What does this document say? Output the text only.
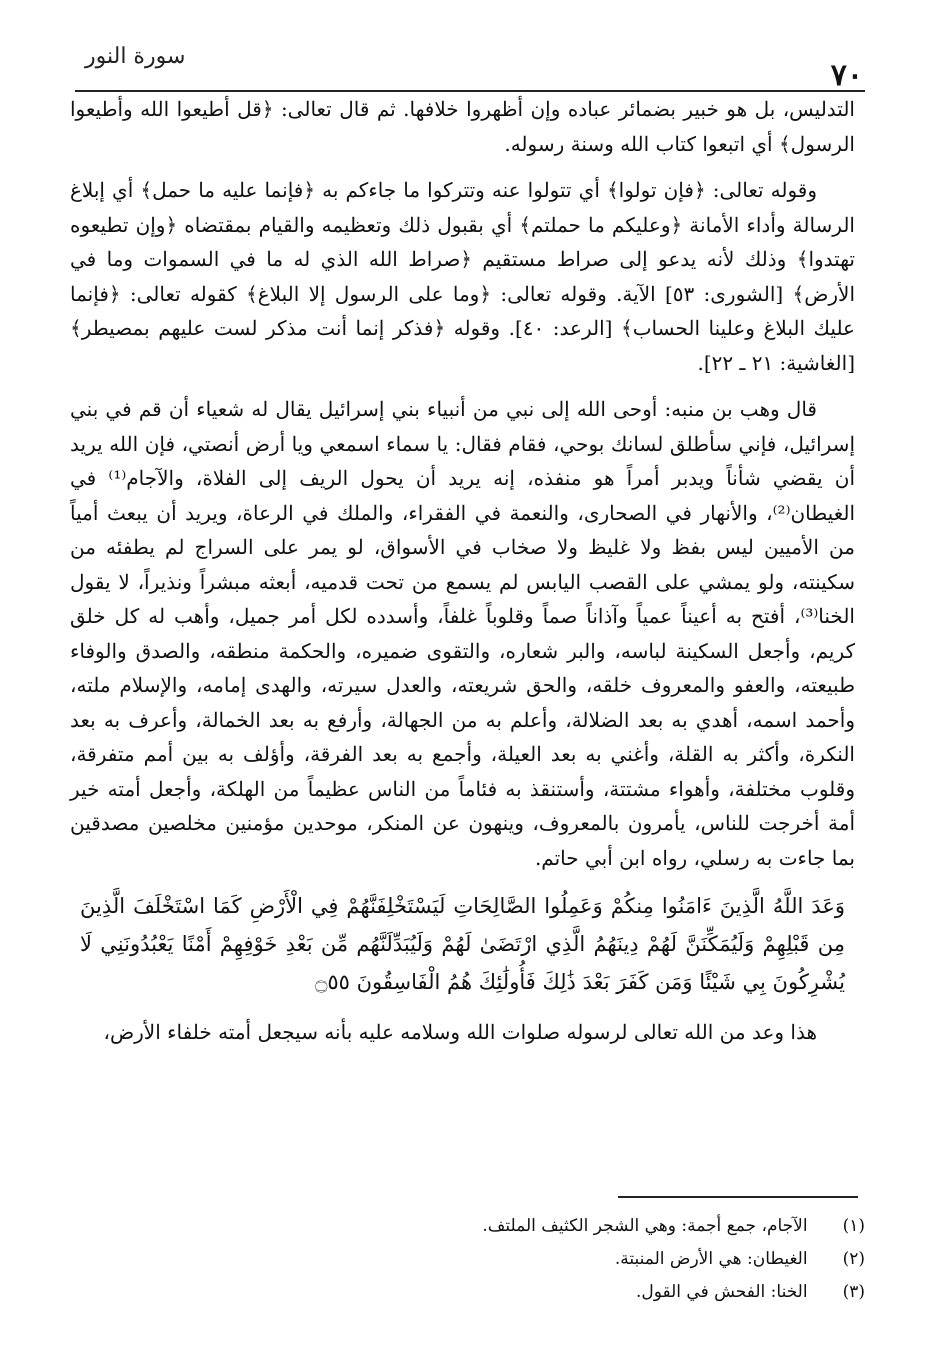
٧٠
سورة النور

التدليس، بل هو خبير بضمائر عباده وإن أظهروا خلافها. ثم قال تعالى: ﴿قل أطيعوا الله وأطيعوا الرسول﴾ أي اتبعوا كتاب الله وسنة رسوله.

وقوله تعالى: ﴿فإن تولوا﴾ أي تتولوا عنه وتتركوا ما جاءكم به ﴿فإنما عليه ما حمل﴾ أي إبلاغ الرسالة وأداء الأمانة ﴿وعليكم ما حملتم﴾ أي بقبول ذلك وتعظيمه والقيام بمقتضاه ﴿وإن تطيعوه تهتدوا﴾ وذلك لأنه يدعو إلى صراط مستقيم ﴿صراط الله الذي له ما في السموات وما في الأرض﴾ [الشورى: ٥٣] الآية. وقوله تعالى: ﴿وما على الرسول إلا البلاغ﴾ كقوله تعالى: ﴿فإنما عليك البلاغ وعلينا الحساب﴾ [الرعد: ٤٠]. وقوله ﴿فذكر إنما أنت مذكر لست عليهم بمصيطر﴾ [الغاشية: ٢١ ـ ٢٢].

قال وهب بن منبه: أوحى الله إلى نبي من أنبياء بني إسرائيل يقال له شعياء أن قم في بني إسرائيل، فإني سأطلق لسانك بوحي، فقام فقال: يا سماء اسمعي ويا أرض أنصتي، فإن الله يريد أن يقضي شأناً ويدبر أمراً هو منفذه، إنه يريد أن يحول الريف إلى الفلاة، والآجام⁽¹⁾ في الغيطان⁽²⁾، والأنهار في الصحارى، والنعمة في الفقراء، والملك في الرعاة، ويريد أن يبعث أمياً من الأميين ليس بفظ ولا غليظ ولا صخاب في الأسواق، لو يمر على السراج لم يطفئه من سكينته، ولو يمشي على القصب اليابس لم يسمع من تحت قدميه، أبعثه مبشراً ونذيراً، لا يقول الخنا⁽³⁾، أفتح به أعيناً عمياً وآذاناً صماً وقلوباً غلفاً، وأسدده لكل أمر جميل، وأهب له كل خلق كريم، وأجعل السكينة لباسه، والبر شعاره، والتقوى ضميره، والحكمة منطقه، والصدق والوفاء طبيعته، والعفو والمعروف خلقه، والحق شريعته، والعدل سيرته، والهدى إمامه، والإسلام ملته، وأحمد اسمه، أهدي به بعد الضلالة، وأعلم به من الجهالة، وأرفع به بعد الخمالة، وأعرف به بعد النكرة، وأكثر به القلة، وأغني به بعد العيلة، وأجمع به بعد الفرقة، وأؤلف به بين أمم متفرقة، وقلوب مختلفة، وأهواء مشتتة، وأستنقذ به فئاماً من الناس عظيماً من الهلكة، وأجعل أمته خير أمة أخرجت للناس، يأمرون بالمعروف، وينهون عن المنكر، موحدين مؤمنين مخلصين مصدقين بما جاءت به رسلي، رواه ابن أبي حاتم.

وَعَدَ اللَّهُ الَّذِينَ ءَامَنُوا مِنكُمْ وَعَمِلُوا الصَّالِحَاتِ لَيَسْتَخْلِفَنَّهُمْ فِي الْأَرْضِ كَمَا اسْتَخْلَفَ الَّذِينَ مِن قَبْلِهِمْ وَلَيُمَكِّنَنَّ لَهُمْ دِينَهُمُ الَّذِي ارْتَضَىٰ لَهُمْ وَلَيُبَدِّلَنَّهُم مِّن بَعْدِ خَوْفِهِمْ أَمْنًا يَعْبُدُونَنِي لَا يُشْرِكُونَ بِي شَيْئًا وَمَن كَفَرَ بَعْدَ ذَٰلِكَ فَأُولَٰئِكَ هُمُ الْفَاسِقُونَ ۝٥٥

هذا وعد من الله تعالى لرسوله صلوات الله وسلامه عليه بأنه سيجعل أمته خلفاء الأرض،

(١) الآجام، جمع أجمة: وهي الشجر الكثيف الملتف.

(٢) الغيطان: هي الأرض المنبتة.

(٣) الخنا: الفحش في القول.
